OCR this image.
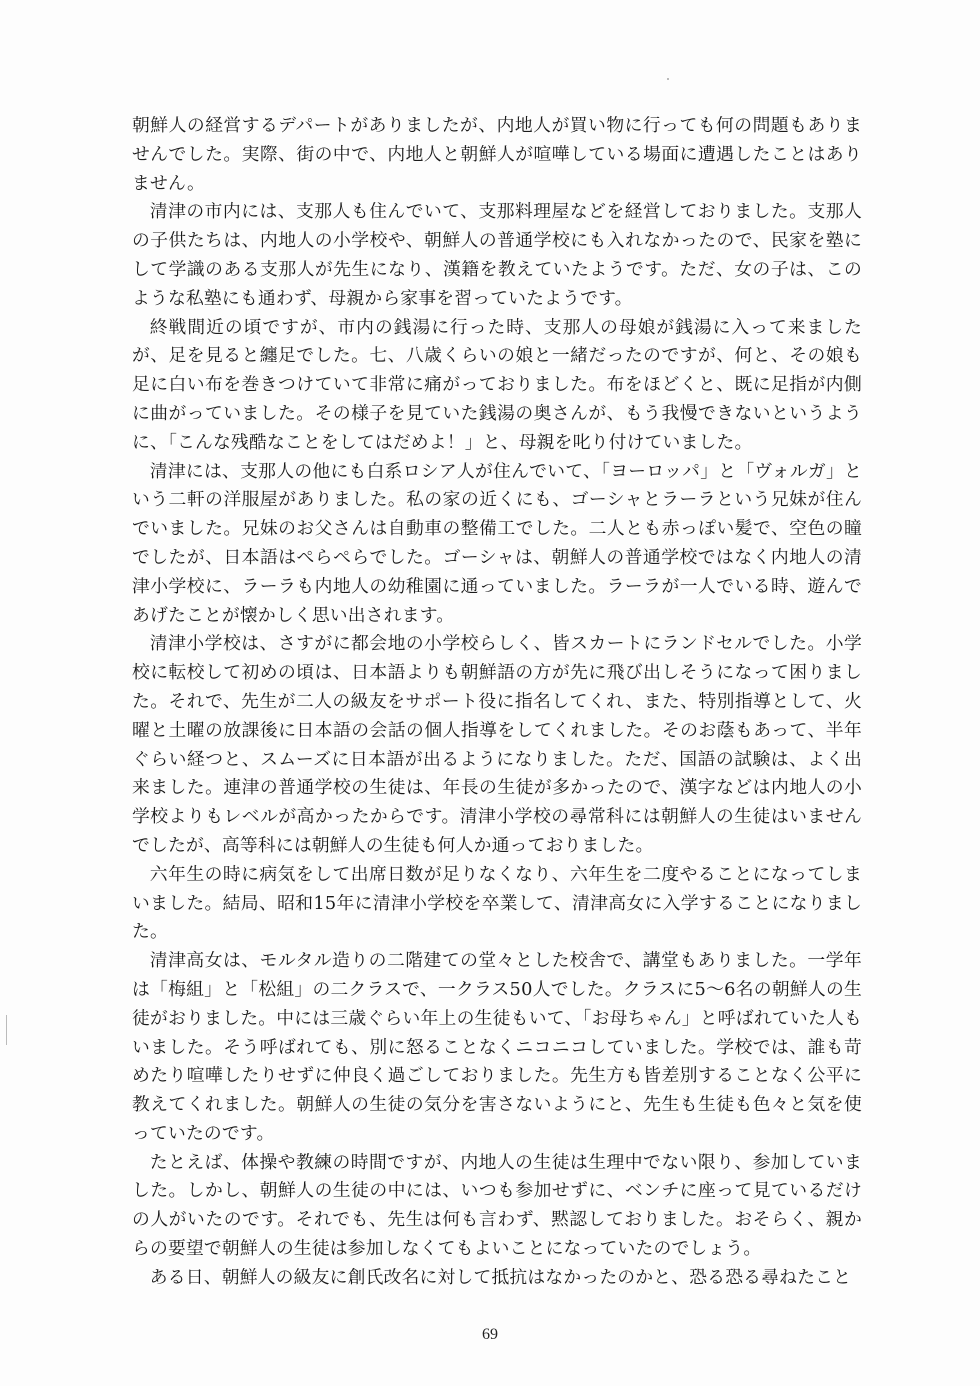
朝鮮人の経営するデパートがありましたが、内地人が買い物に行っても何の問題もありませんでした。実際、街の中で、内地人と朝鮮人が喧嘩している場面に遭遇したことはありません。

清津の市内には、支那人も住んでいて、支那料理屋などを経営しておりました。支那人の子供たちは、内地人の小学校や、朝鮮人の普通学校にも入れなかったので、民家を塾にして学識のある支那人が先生になり、漢籍を教えていたようです。ただ、女の子は、このような私塾にも通わず、母親から家事を習っていたようです。

終戦間近の頃ですが、市内の銭湯に行った時、支那人の母娘が銭湯に入って来ましたが、足を見ると纏足でした。七、八歳くらいの娘と一緒だったのですが、何と、その娘も足に白い布を巻きつけていて非常に痛がっておりました。布をほどくと、既に足指が内側に曲がっていました。その様子を見ていた銭湯の奥さんが、もう我慢できないというように、「こんな残酷なことをしてはだめよ！」と、母親を叱り付けていました。

清津には、支那人の他にも白系ロシア人が住んでいて、「ヨーロッパ」と「ヴォルガ」という二軒の洋服屋がありました。私の家の近くにも、ゴーシャとラーラという兄妹が住んでいました。兄妹のお父さんは自動車の整備工でした。二人とも赤っぽい髪で、空色の瞳でしたが、日本語はぺらぺらでした。ゴーシャは、朝鮮人の普通学校ではなく内地人の清津小学校に、ラーラも内地人の幼稚園に通っていました。ラーラが一人でいる時、遊んであげたことが懐かしく思い出されます。

清津小学校は、さすがに都会地の小学校らしく、皆スカートにランドセルでした。小学校に転校して初めの頃は、日本語よりも朝鮮語の方が先に飛び出しそうになって困りました。それで、先生が二人の級友をサポート役に指名してくれ、また、特別指導として、火曜と土曜の放課後に日本語の会話の個人指導をしてくれました。そのお蔭もあって、半年ぐらい経つと、スムーズに日本語が出るようになりました。ただ、国語の試験は、よく出来ました。連津の普通学校の生徒は、年長の生徒が多かったので、漢字などは内地人の小学校よりもレベルが高かったからです。清津小学校の尋常科には朝鮮人の生徒はいませんでしたが、高等科には朝鮮人の生徒も何人か通っておりました。

六年生の時に病気をして出席日数が足りなくなり、六年生を二度やることになってしまいました。結局、昭和15年に清津小学校を卒業して、清津高女に入学することになりました。

清津高女は、モルタル造りの二階建ての堂々とした校舎で、講堂もありました。一学年は「梅組」と「松組」の二クラスで、一クラス50人でした。クラスに5～6名の朝鮮人の生徒がおりました。中には三歳ぐらい年上の生徒もいて、「お母ちゃん」と呼ばれていた人もいました。そう呼ばれても、別に怒ることなくニコニコしていました。学校では、誰も苛めたり喧嘩したりせずに仲良く過ごしておりました。先生方も皆差別することなく公平に教えてくれました。朝鮮人の生徒の気分を害さないようにと、先生も生徒も色々と気を使っていたのです。

たとえば、体操や教練の時間ですが、内地人の生徒は生理中でない限り、参加していました。しかし、朝鮮人の生徒の中には、いつも参加せずに、ベンチに座って見ているだけの人がいたのです。それでも、先生は何も言わず、黙認しておりました。おそらく、親からの要望で朝鮮人の生徒は参加しなくてもよいことになっていたのでしょう。

ある日、朝鮮人の級友に創氏改名に対して抵抗はなかったのかと、恐る恐る尋ねたこと

69
